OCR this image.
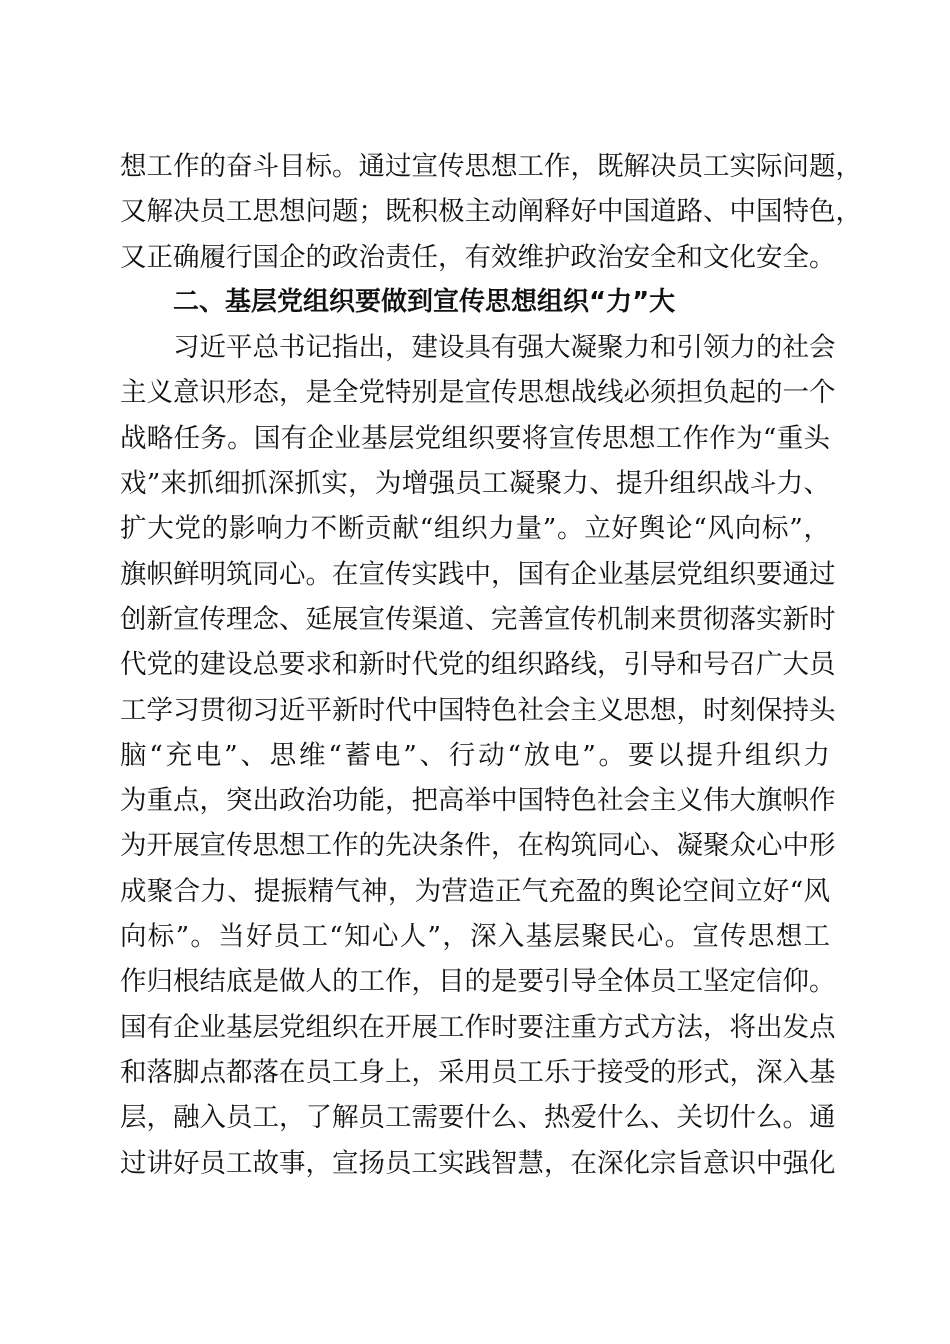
想工作的奋斗目标。通过宣传思想工作，既解决员工实际问题，
又解决员工思想问题；既积极主动阐释好中国道路、中国特色，
又正确履行国企的政治责任，有效维护政治安全和文化安全。
二、基层党组织要做到宣传思想组织“力”大
习近平总书记指出，建设具有强大凝聚力和引领力的社会
主义意识形态，是全党特别是宣传思想战线必须担负起的一个
战略任务。国有企业基层党组织要将宣传思想工作作为“重头
戏”来抓细抓深抓实，为增强员工凝聚力、提升组织战斗力、
扩大党的影响力不断贡献“组织力量”。立好舆论“风向标”，
旗帜鲜明筑同心。在宣传实践中，国有企业基层党组织要通过
创新宣传理念、延展宣传渠道、完善宣传机制来贯彻落实新时
代党的建设总要求和新时代党的组织路线，引导和号召广大员
工学习贯彻习近平新时代中国特色社会主义思想，时刻保持头
脑“充电”、思维“蓄电”、行动“放电”。要以提升组织力
为重点，突出政治功能，把高举中国特色社会主义伟大旗帜作
为开展宣传思想工作的先决条件，在构筑同心、凝聚众心中形
成聚合力、提振精气神，为营造正气充盈的舆论空间立好“风
向标”。当好员工“知心人”，深入基层聚民心。宣传思想工
作归根结底是做人的工作，目的是要引导全体员工坚定信仰。
国有企业基层党组织在开展工作时要注重方式方法，将出发点
和落脚点都落在员工身上，采用员工乐于接受的形式，深入基
层，融入员工，了解员工需要什么、热爱什么、关切什么。通
过讲好员工故事，宣扬员工实践智慧，在深化宗旨意识中强化
